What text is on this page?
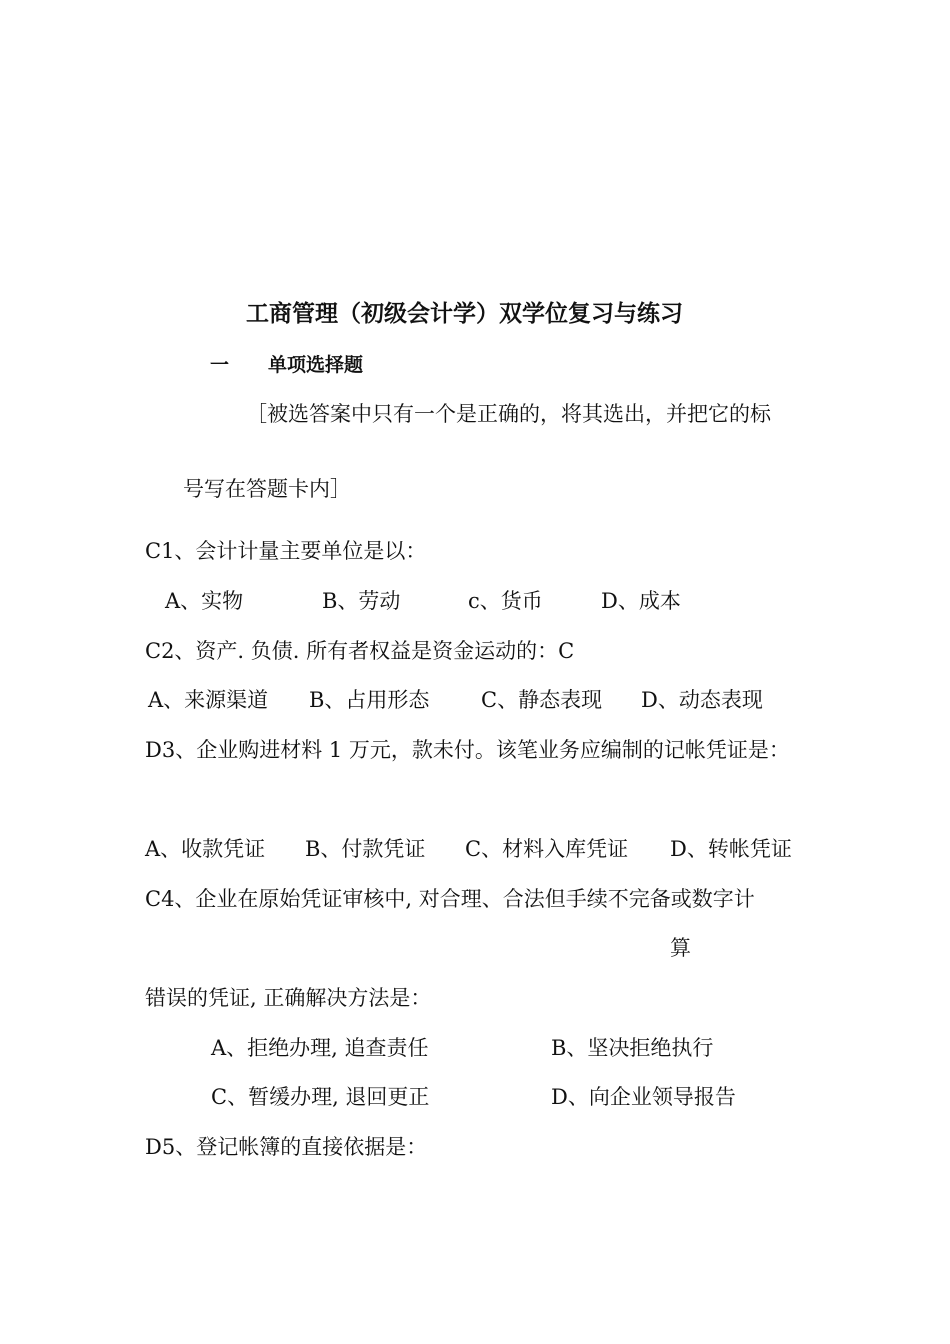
工商管理（初级会计学）双学位复习与练习
一 单项选择题
［被选答案中只有一个是正确的，将其选出，并把它的标
号写在答题卡内］
C1、会计计量主要单位是以：
A、实物	B、劳动	c、货币	D、成本
C2、资产. 负债. 所有者权益是资金运动的：C
A、来源渠道 B、占用形态 C、静态表现 D、动态表现
D3、企业购进材料 1 万元，款未付。该笔业务应编制的记帐凭证是：
A、收款凭证 B、付款凭证 C、材料入库凭证 D、转帐凭证
C4、企业在原始凭证审核中, 对合理、合法但手续不完备或数字计
算
错误的凭证, 正确解决方法是：
A、拒绝办理, 追查责任	B、坚决拒绝执行
C、暂缓办理, 退回更正	D、向企业领导报告
D5、登记帐簿的直接依据是：
